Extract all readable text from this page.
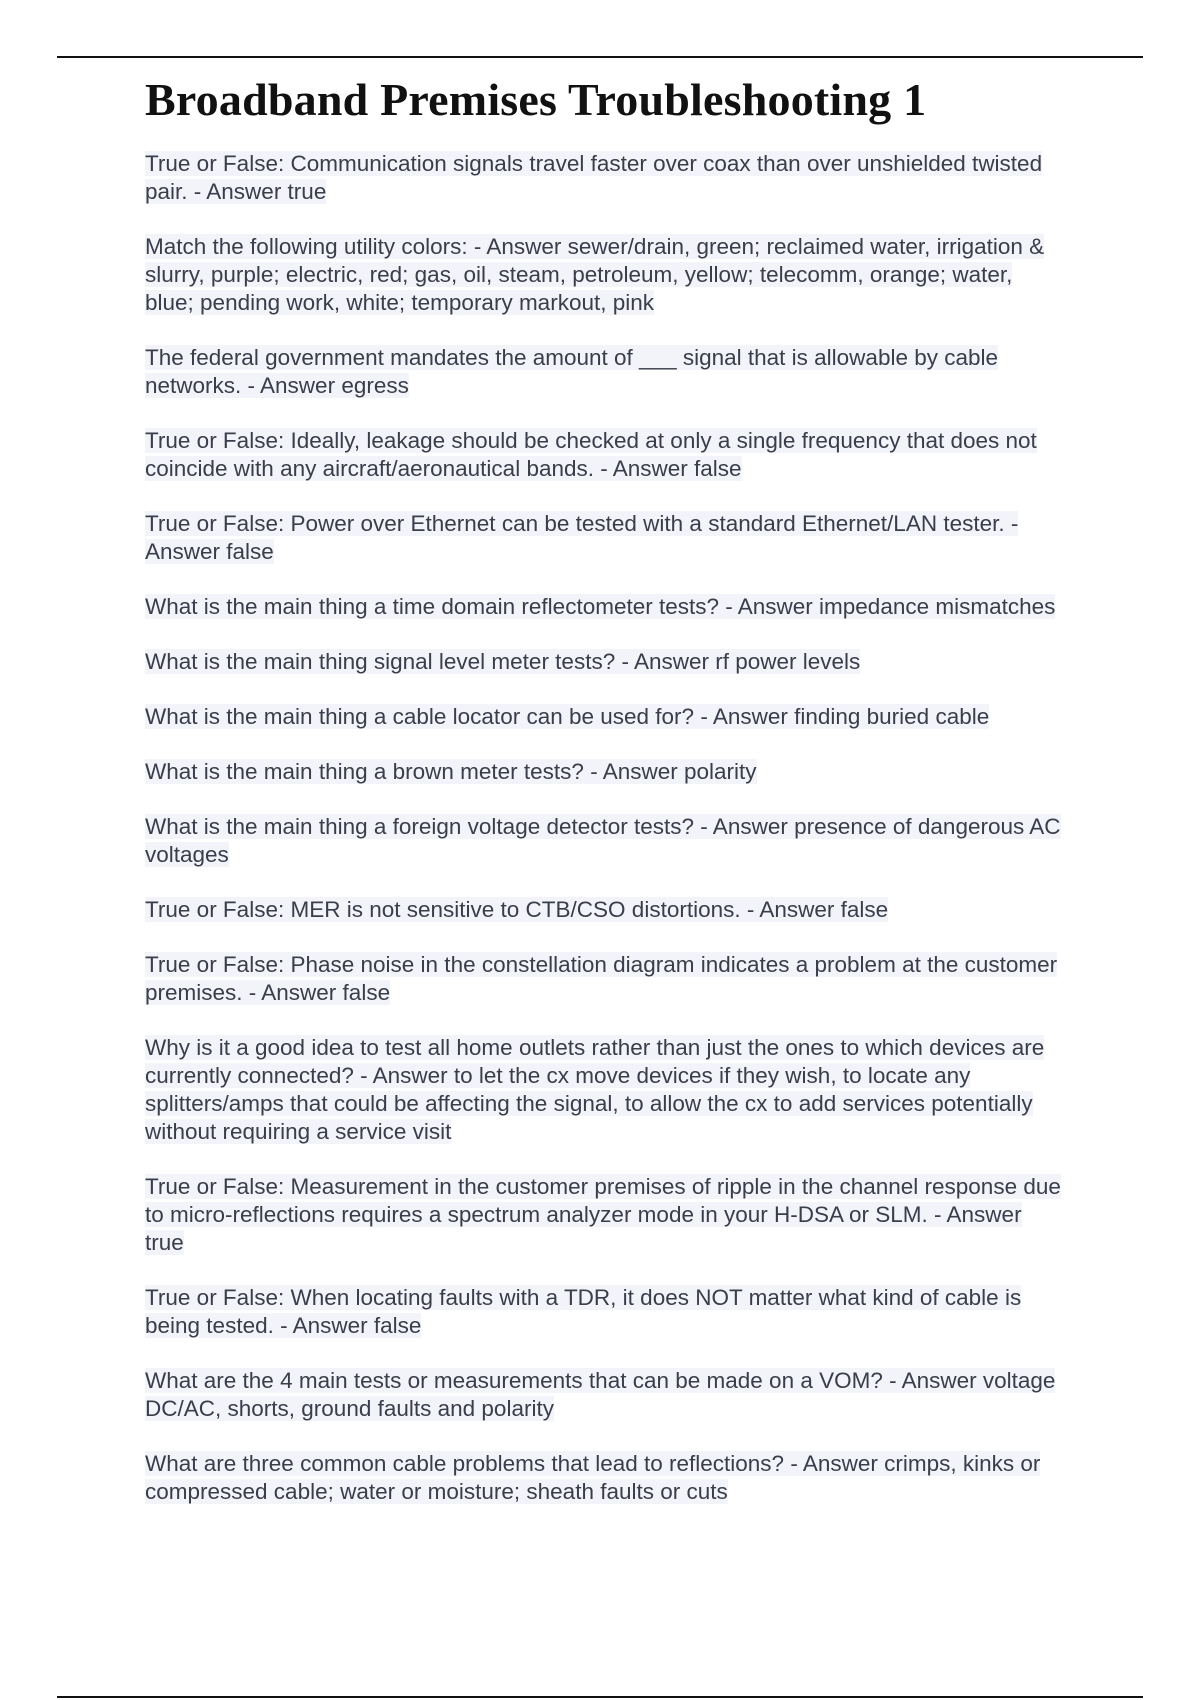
Broadband Premises Troubleshooting 1

True or False: Communication signals travel faster over coax than over unshielded twisted pair. - Answer true

Match the following utility colors: - Answer sewer/drain, green; reclaimed water, irrigation & slurry, purple; electric, red; gas, oil, steam, petroleum, yellow; telecomm, orange; water, blue; pending work, white; temporary markout, pink

The federal government mandates the amount of ___ signal that is allowable by cable networks. - Answer egress

True or False: Ideally, leakage should be checked at only a single frequency that does not coincide with any aircraft/aeronautical bands. - Answer false

True or False: Power over Ethernet can be tested with a standard Ethernet/LAN tester. - Answer false

What is the main thing a time domain reflectometer tests? - Answer impedance mismatches

What is the main thing signal level meter tests? - Answer rf power levels

What is the main thing a cable locator can be used for? - Answer finding buried cable

What is the main thing a brown meter tests? - Answer polarity

What is the main thing a foreign voltage detector tests? - Answer presence of dangerous AC voltages

True or False: MER is not sensitive to CTB/CSO distortions. - Answer false

True or False: Phase noise in the constellation diagram indicates a problem at the customer premises. - Answer false

Why is it a good idea to test all home outlets rather than just the ones to which devices are currently connected? - Answer to let the cx move devices if they wish, to locate any splitters/amps that could be affecting the signal, to allow the cx to add services potentially without requiring a service visit

True or False: Measurement in the customer premises of ripple in the channel response due to micro-reflections requires a spectrum analyzer mode in your H-DSA or SLM. - Answer true

True or False: When locating faults with a TDR, it does NOT matter what kind of cable is being tested. - Answer false

What are the 4 main tests or measurements that can be made on a VOM? - Answer voltage DC/AC, shorts, ground faults and polarity

What are three common cable problems that lead to reflections? - Answer crimps, kinks or compressed cable; water or moisture; sheath faults or cuts
